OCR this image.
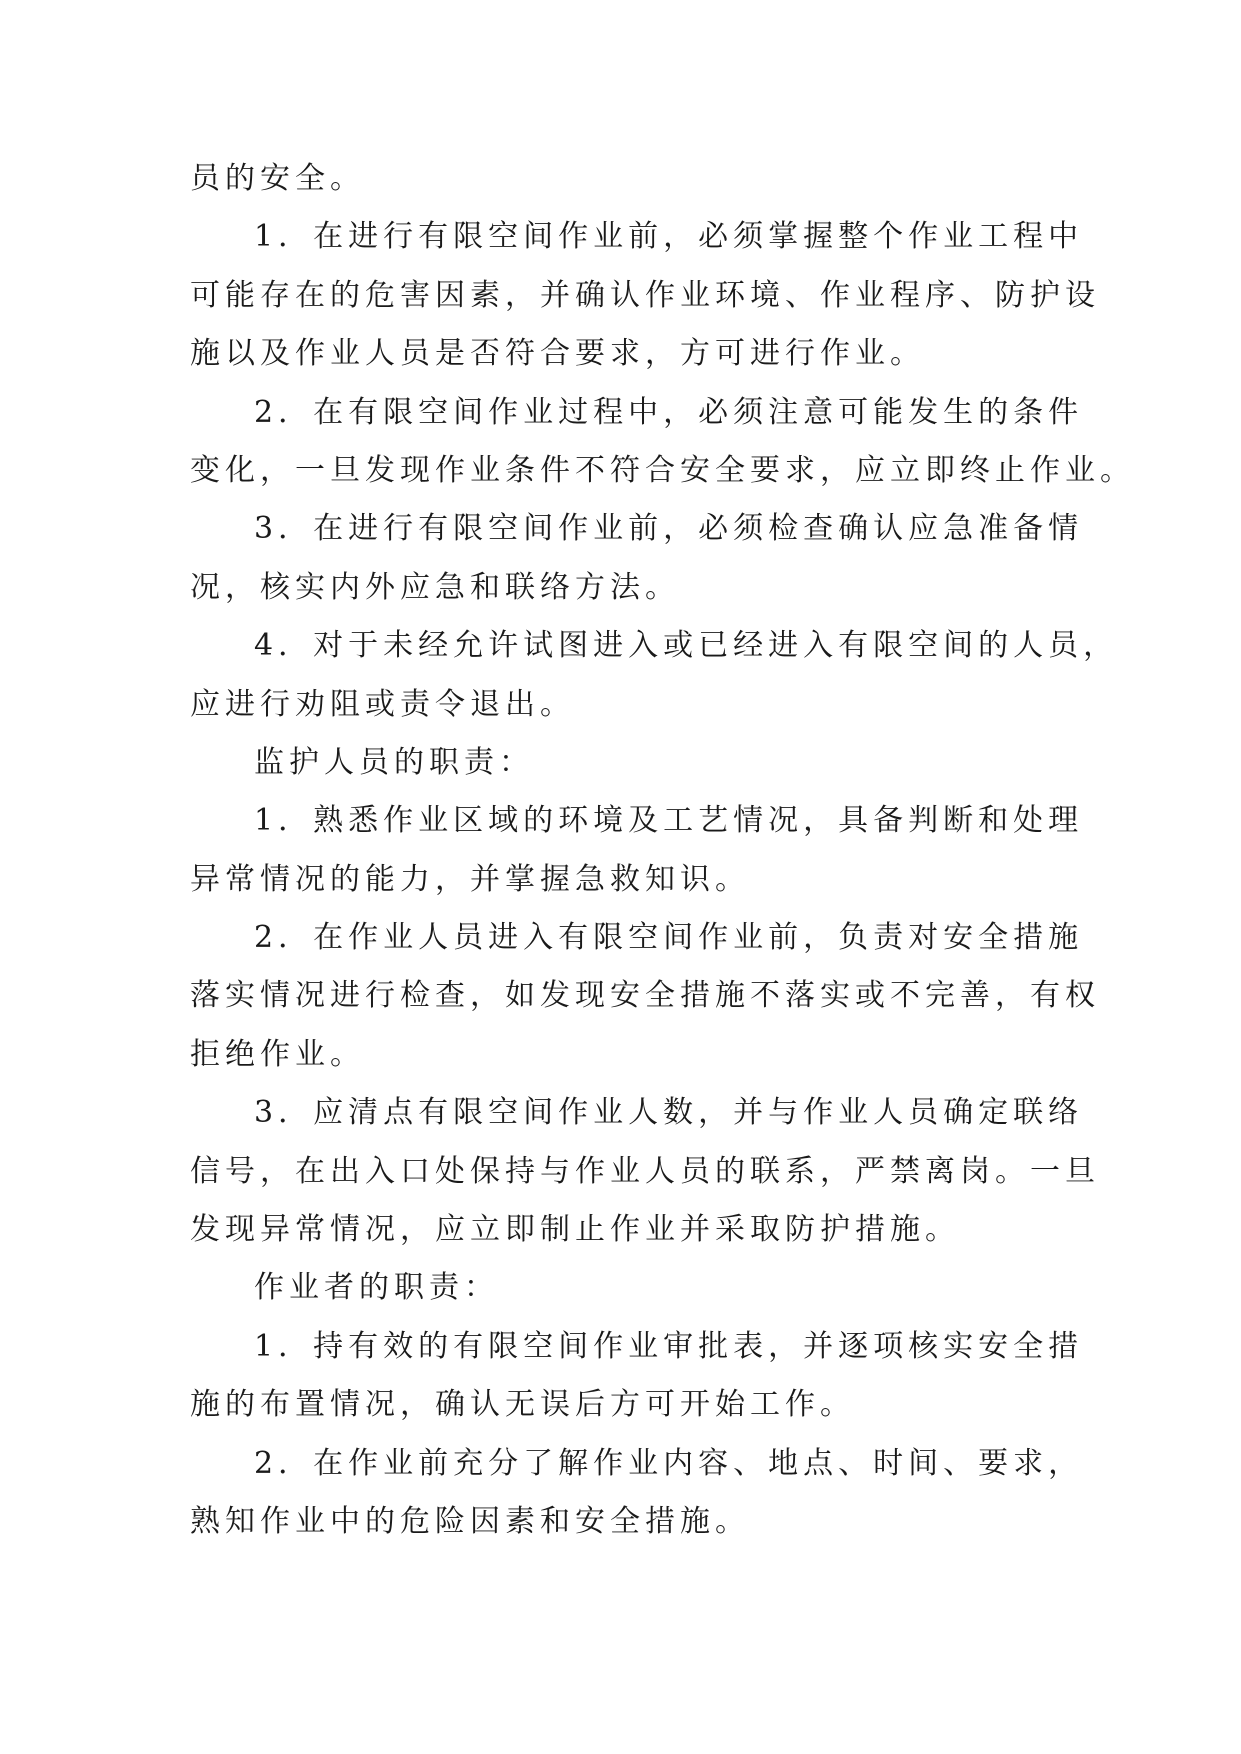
员的安全。
1．在进行有限空间作业前，必须掌握整个作业工程中
可能存在的危害因素，并确认作业环境、作业程序、防护设
施以及作业人员是否符合要求，方可进行作业。
2．在有限空间作业过程中，必须注意可能发生的条件
变化，一旦发现作业条件不符合安全要求，应立即终止作业。
3．在进行有限空间作业前，必须检查确认应急准备情
况，核实内外应急和联络方法。
4．对于未经允许试图进入或已经进入有限空间的人员，
应进行劝阻或责令退出。
监护人员的职责：
1．熟悉作业区域的环境及工艺情况，具备判断和处理
异常情况的能力，并掌握急救知识。
2．在作业人员进入有限空间作业前，负责对安全措施
落实情况进行检查，如发现安全措施不落实或不完善，有权
拒绝作业。
3．应清点有限空间作业人数，并与作业人员确定联络
信号，在出入口处保持与作业人员的联系，严禁离岗。一旦
发现异常情况，应立即制止作业并采取防护措施。
作业者的职责：
1．持有效的有限空间作业审批表，并逐项核实安全措
施的布置情况，确认无误后方可开始工作。
2．在作业前充分了解作业内容、地点、时间、要求，
熟知作业中的危险因素和安全措施。
